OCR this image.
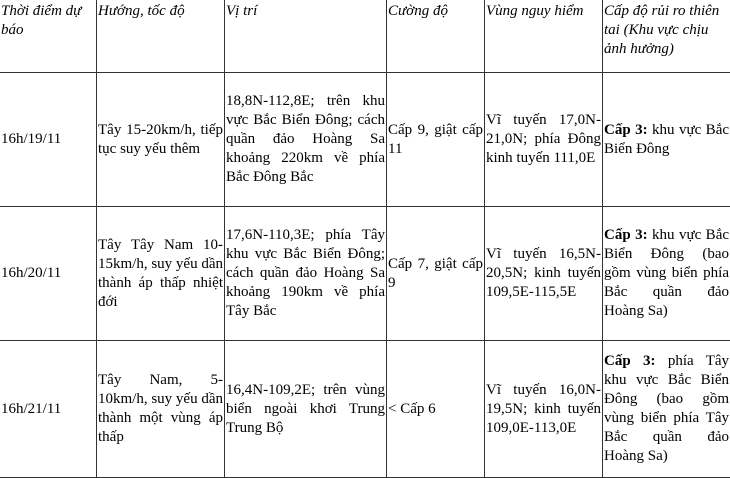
Thời điểm dự báo	Hướng, tốc độ	Vị trí	Cường độ	Vùng nguy hiểm	Cấp độ rủi ro thiên tai (Khu vực chịu ảnh hưởng)
16h/19/11	Tây 15-20km/h, tiếp tục suy yếu thêm	18,8N-112,8E; trên khu vực Bắc Biển Đông; cách quần đảo Hoàng Sa khoảng 220km về phía Bắc Đông Bắc	Cấp 9, giật cấp 11	Vĩ tuyến 17,0N-21,0N; phía Đông kinh tuyến 111,0E	Cấp 3: khu vực Bắc Biển Đông
16h/20/11	Tây Tây Nam 10-15km/h, suy yếu dần thành áp thấp nhiệt đới	17,6N-110,3E; phía Tây khu vực Bắc Biển Đông; cách quần đảo Hoàng Sa khoảng 190km về phía Tây Bắc	Cấp 7, giật cấp 9	Vĩ tuyến 16,5N-20,5N; kinh tuyến 109,5E-115,5E	Cấp 3: khu vực Bắc Biển Đông (bao gồm vùng biển phía Bắc quần đảo Hoàng Sa)
16h/21/11	Tây Nam, 5-10km/h, suy yếu dần thành một vùng áp thấp	16,4N-109,2E; trên vùng biển ngoài khơi Trung Trung Bộ	< Cấp 6	Vĩ tuyến 16,0N-19,5N; kinh tuyến 109,0E-113,0E	Cấp 3: phía Tây khu vực Bắc Biển Đông (bao gồm vùng biển phía Tây Bắc quần đảo Hoàng Sa)
